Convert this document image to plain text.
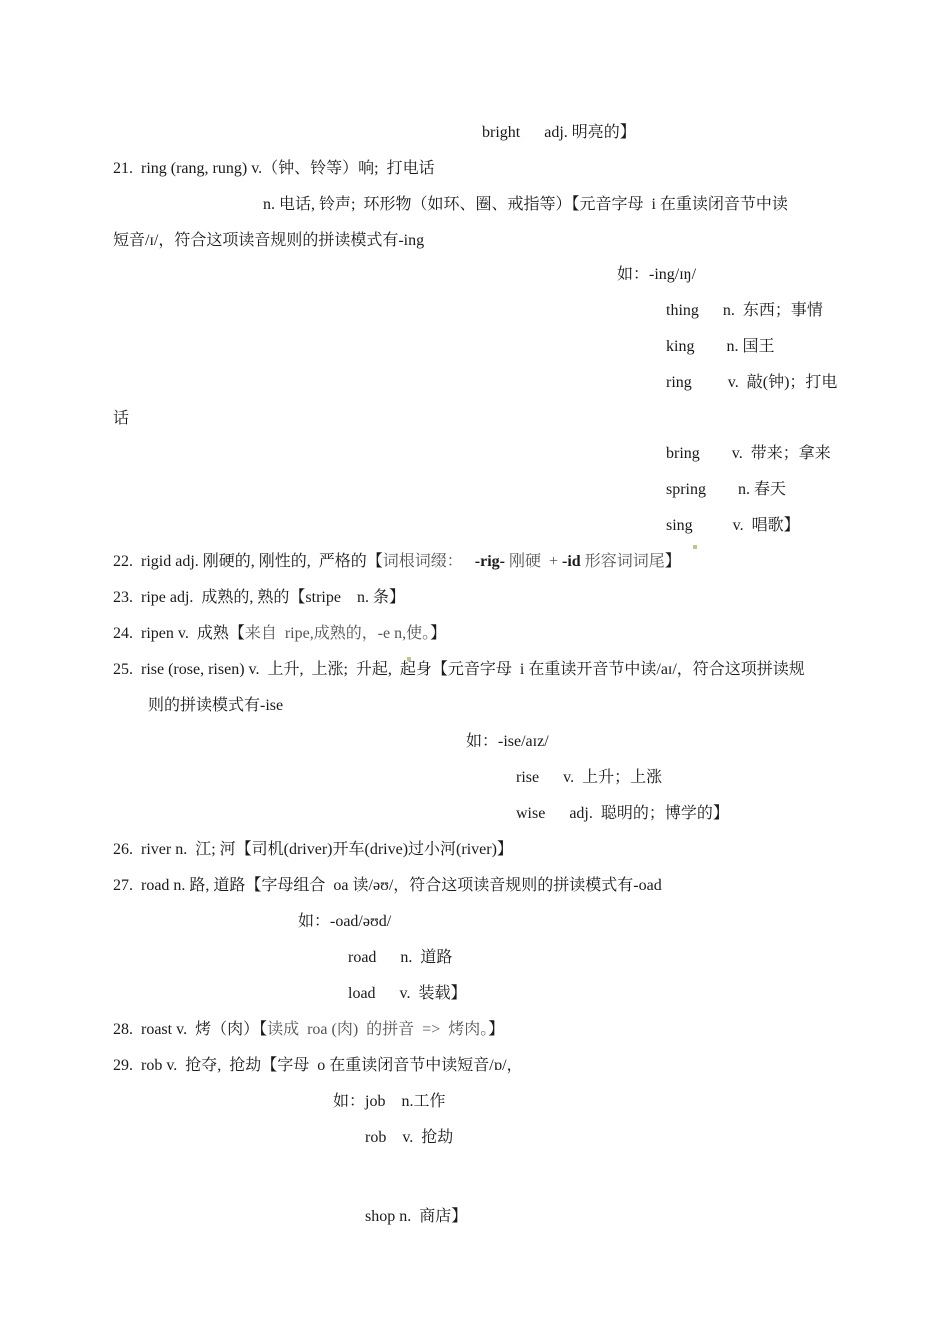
bright      adj. 明亮的】
21.  ring (rang, rung) v.（钟、铃等）响;  打电话
n. 电话, 铃声;  环形物（如环、圈、戒指等）【元音字母  i 在重读闭音节中读
短音/ɪ/，符合这项读音规则的拼读模式有-ing
如：-ing/ɪŋ/
thing      n.  东西；事情
king        n. 国王
ring         v.  敲(钟)；打电
话
bring        v.  带来；拿来
spring        n. 春天
sing          v.  唱歌】
22.  rigid adj. 刚硬的, 刚性的,  严格的【词根词缀： -rig- 刚硬  + -id 形容词词尾】
23.  ripe adj.  成熟的, 熟的【stripe    n. 条】
24.  ripen v.  成熟【来自  ripe,成熟的，-e n,使。】
25.  rise (rose, risen) v.  上升,  上涨;  升起,  起身【元音字母  i 在重读开音节中读/aɪ/，符合这项拼读规
则的拼读模式有-ise
如：-ise/aɪz/
rise      v.  上升；上涨
wise      adj.  聪明的；博学的】
26.  river n.  江; 河【司机(driver)开车(drive)过小河(river)】
27.  road n. 路, 道路【字母组合  oa 读/əʊ/，符合这项读音规则的拼读模式有-oad
如：-oad/əʊd/
road      n.  道路
load      v.  装载】
28.  roast v.  烤（肉）【读成  roa (肉)  的拼音  =>  烤肉。】
29.  rob v.  抢夺,  抢劫【字母  o 在重读闭音节中读短音/ɒ/，
如：job    n.工作
rob    v.  抢劫
shop n.  商店】
